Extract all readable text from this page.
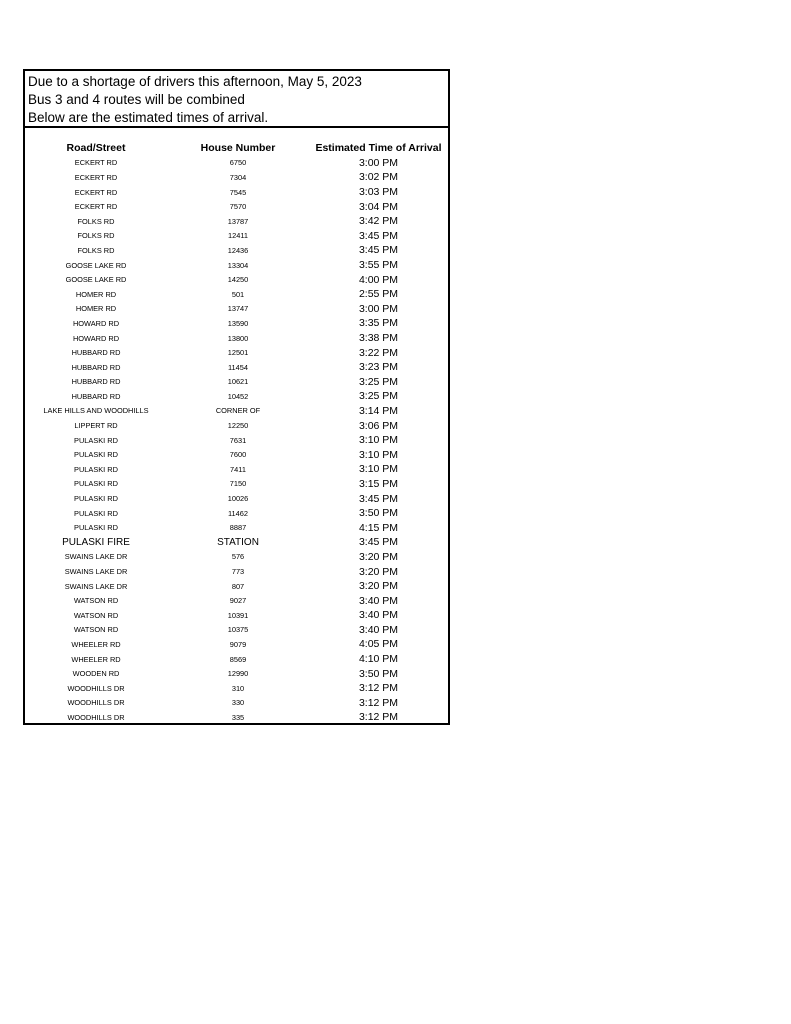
Due to a shortage of drivers this afternoon, May 5, 2023
Bus 3 and 4 routes will be combined
Below are the estimated times of arrival.
Road/Street	House Number	Estimated Time of Arrival
ECKERT RD	6750	3:00 PM
ECKERT RD	7304	3:02 PM
ECKERT RD	7545	3:03 PM
ECKERT RD	7570	3:04 PM
FOLKS RD	13787	3:42 PM
FOLKS RD	12411	3:45 PM
FOLKS RD	12436	3:45 PM
GOOSE LAKE RD	13304	3:55 PM
GOOSE LAKE RD	14250	4:00 PM
HOMER RD	501	2:55 PM
HOMER RD	13747	3:00 PM
HOWARD RD	13590	3:35 PM
HOWARD RD	13800	3:38 PM
HUBBARD RD	12501	3:22 PM
HUBBARD RD	11454	3:23 PM
HUBBARD RD	10621	3:25 PM
HUBBARD RD	10452	3:25 PM
LAKE HILLS AND WOODHILLS	CORNER OF	3:14 PM
LIPPERT RD	12250	3:06 PM
PULASKI RD	7631	3:10 PM
PULASKI RD	7600	3:10 PM
PULASKI RD	7411	3:10 PM
PULASKI RD	7150	3:15 PM
PULASKI RD	10026	3:45 PM
PULASKI RD	11462	3:50 PM
PULASKI RD	8887	4:15 PM
PULASKI FIRE	STATION	3:45 PM
SWAINS LAKE DR	576	3:20 PM
SWAINS LAKE DR	773	3:20 PM
SWAINS LAKE DR	807	3:20 PM
WATSON RD	9027	3:40 PM
WATSON RD	10391	3:40 PM
WATSON RD	10375	3:40 PM
WHEELER RD	9079	4:05 PM
WHEELER RD	8569	4:10 PM
WOODEN RD	12990	3:50 PM
WOODHILLS DR	310	3:12 PM
WOODHILLS DR	330	3:12 PM
WOODHILLS DR	335	3:12 PM
